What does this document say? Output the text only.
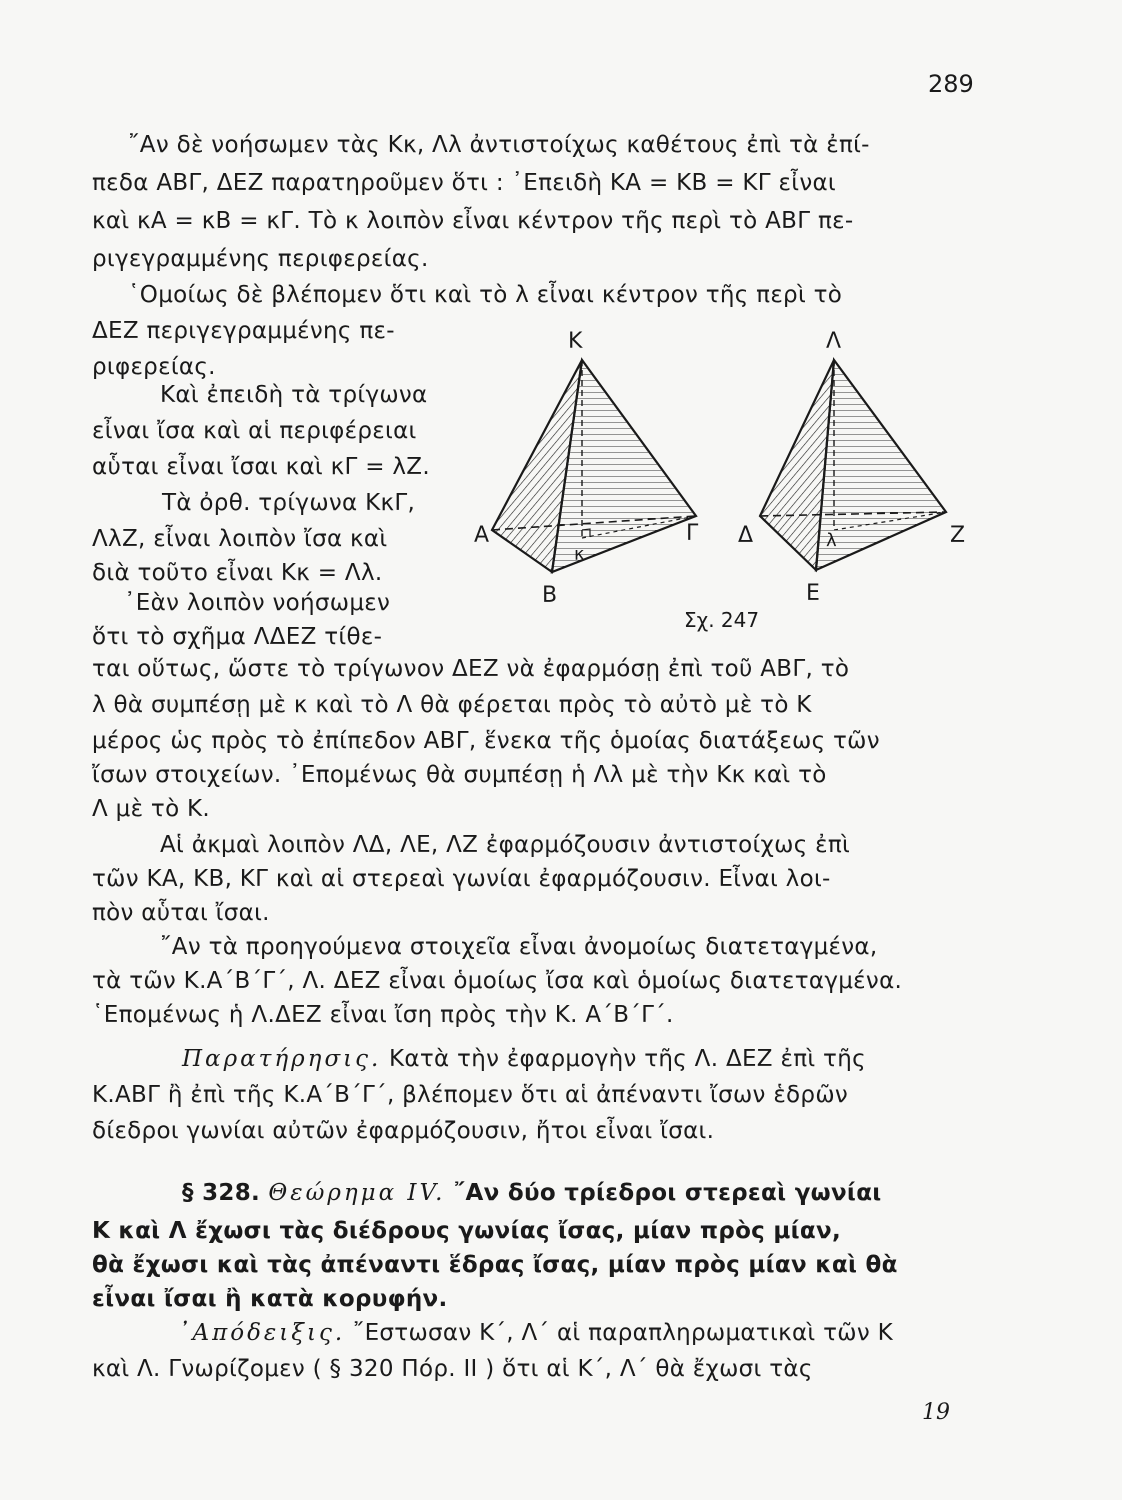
289
῎Αν δὲ νοήσωμεν τὰς Κκ, Λλ ἀντιστοίχως καθέτους ἐπὶ τὰ ἐπί-
πεδα ΑΒΓ, ΔΕΖ παρατηροῦμεν ὅτι : ᾿Επειδὴ ΚΑ = ΚΒ = ΚΓ εἶναι
καὶ κΑ = κΒ = κΓ. Τὸ κ λοιπὸν εἶναι κέντρον τῆς περὶ τὸ ΑΒΓ πε-
ριγεγραμμένης περιφερείας.
῾Ομοίως δὲ βλέπομεν ὅτι καὶ τὸ λ εἶναι κέντρον τῆς περὶ τὸ
ΔΕΖ περιγεγραμμένης πε-
ριφερείας.
Καὶ ἐπειδὴ τὰ τρίγωνα
εἶναι ἴσα καὶ αἱ περιφέρειαι
αὗται εἶναι ἴσαι καὶ κΓ = λΖ.
Τὰ ὀρθ. τρίγωνα ΚκΓ,
ΛλΖ, εἶναι λοιπὸν ἴσα καὶ
διὰ τοῦτο εἶναι Κκ = Λλ.
᾿Εὰν λοιπὸν νοήσωμεν
ὅτι τὸ σχῆμα ΛΔΕΖ τίθε-
ται οὕτως, ὥστε τὸ τρίγωνον ΔΕΖ νὰ ἐφαρμόσῃ ἐπὶ τοῦ ΑΒΓ, τὸ
λ θὰ συμπέσῃ μὲ κ καὶ τὸ Λ θὰ φέρεται πρὸς τὸ αὐτὸ μὲ τὸ Κ
μέρος ὡς πρὸς τὸ ἐπίπεδον ΑΒΓ, ἕνεκα τῆς ὁμοίας διατάξεως τῶν
ἴσων στοιχείων. ᾿Επομένως θὰ συμπέσῃ ἡ Λλ μὲ τὴν Κκ καὶ τὸ
Λ μὲ τὸ Κ.
Αἱ ἀκμαὶ λοιπὸν ΛΔ, ΛΕ, ΛΖ ἐφαρμόζουσιν ἀντιστοίχως ἐπὶ
τῶν ΚΑ, ΚΒ, ΚΓ καὶ αἱ στερεαὶ γωνίαι ἐφαρμόζουσιν. Εἶναι λοι-
πὸν αὗται ἴσαι.
῎Αν τὰ προηγούμενα στοιχεῖα εἶναι ἀνομοίως διατεταγμένα,
τὰ τῶν Κ.Α΄Β΄Γ΄, Λ. ΔΕΖ εἶναι ὁμοίως ἴσα καὶ ὁμοίως διατεταγμένα.
῾Επομένως ἡ Λ.ΔΕΖ εἶναι ἴση πρὸς τὴν Κ. Α΄Β΄Γ΄.
Παρατήρησις. Κατὰ τὴν ἐφαρμογὴν τῆς Λ. ΔΕΖ ἐπὶ τῆς
Κ.ΑΒΓ ἢ ἐπὶ τῆς Κ.Α΄Β΄Γ΄, βλέπομεν ὅτι αἱ ἀπέναντι ἴσων ἑδρῶν
δίεδροι γωνίαι αὐτῶν ἐφαρμόζουσιν, ἤτοι εἶναι ἴσαι.
§ 328. Θεώρημα IV. ῎Αν δύο τρίεδροι στερεαὶ γωνίαι
Κ καὶ Λ ἔχωσι τὰς διέδρους γωνίας ἴσας, μίαν πρὸς μίαν,
θὰ ἔχωσι καὶ τὰς ἀπέναντι ἕδρας ἴσας, μίαν πρὸς μίαν καὶ θὰ
εἶναι ἴσαι ἢ κατὰ κορυφήν.
᾿Απόδειξις. ῎Εστωσαν Κ΄, Λ΄ αἱ παραπληρωματικαὶ τῶν Κ
καὶ Λ. Γνωρίζομεν ( § 320 Πόρ. ΙΙ ) ὅτι αἱ Κ΄, Λ΄ θὰ ἔχωσι τὰς
19
Κ
Α
Β
Γ
κ
Λ
Δ
Ε
Ζ
λ
Σχ. 247
